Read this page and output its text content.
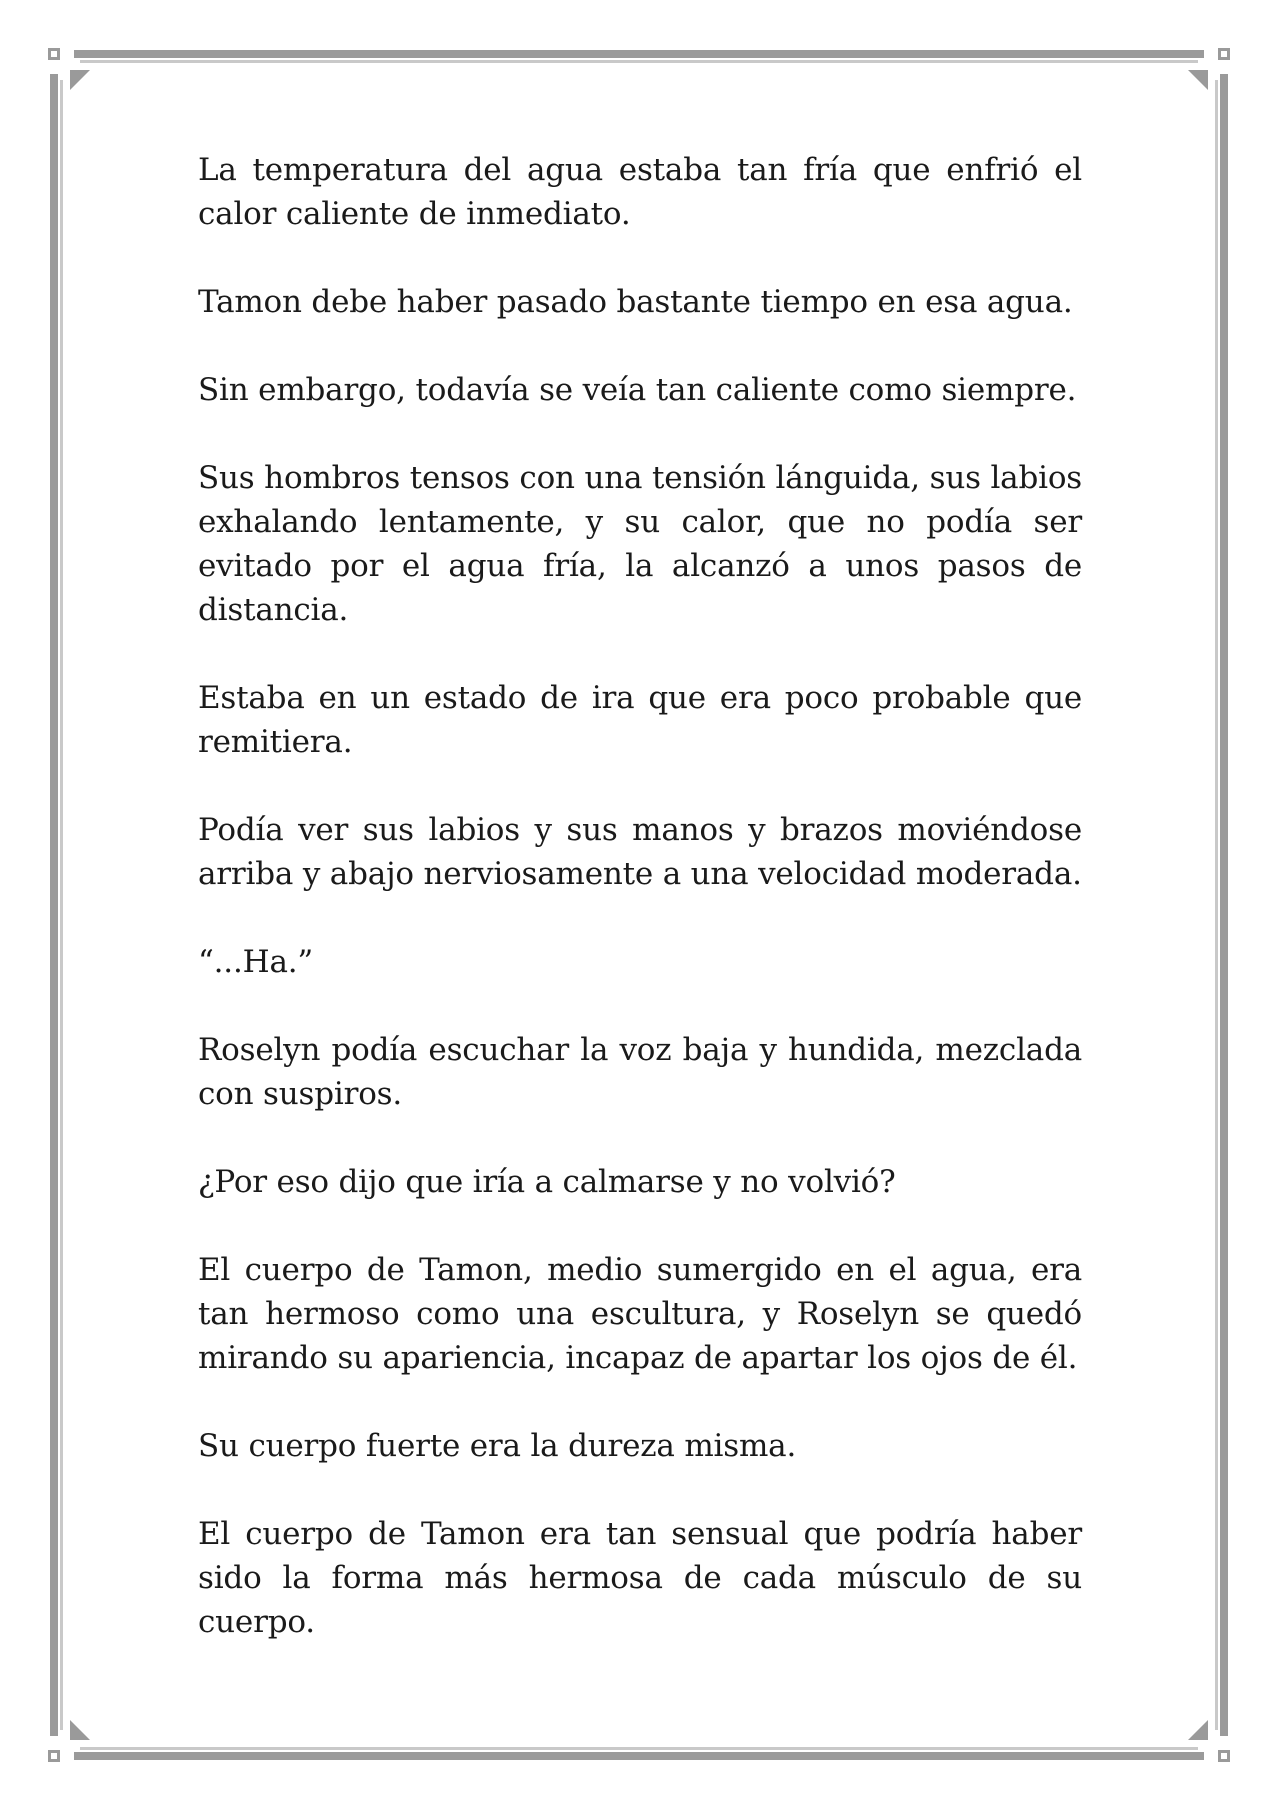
La temperatura del agua estaba tan fría que enfrió el calor caliente de inmediato.

Tamon debe haber pasado bastante tiempo en esa agua.

Sin embargo, todavía se veía tan caliente como siempre.

Sus hombros tensos con una tensión lánguida, sus labios exhalando lentamente, y su calor, que no podía ser evitado por el agua fría, la alcanzó a unos pasos de distancia.

Estaba en un estado de ira que era poco probable que remitiera.

Podía ver sus labios y sus manos y brazos moviéndose arriba y abajo nerviosamente a una velocidad moderada.

“...Ha.”

Roselyn podía escuchar la voz baja y hundida, mezclada con suspiros.

¿Por eso dijo que iría a calmarse y no volvió?

El cuerpo de Tamon, medio sumergido en el agua, era tan hermoso como una escultura, y Roselyn se quedó mirando su apariencia, incapaz de apartar los ojos de él.

Su cuerpo fuerte era la dureza misma.

El cuerpo de Tamon era tan sensual que podría haber sido la forma más hermosa de cada músculo de su cuerpo.
